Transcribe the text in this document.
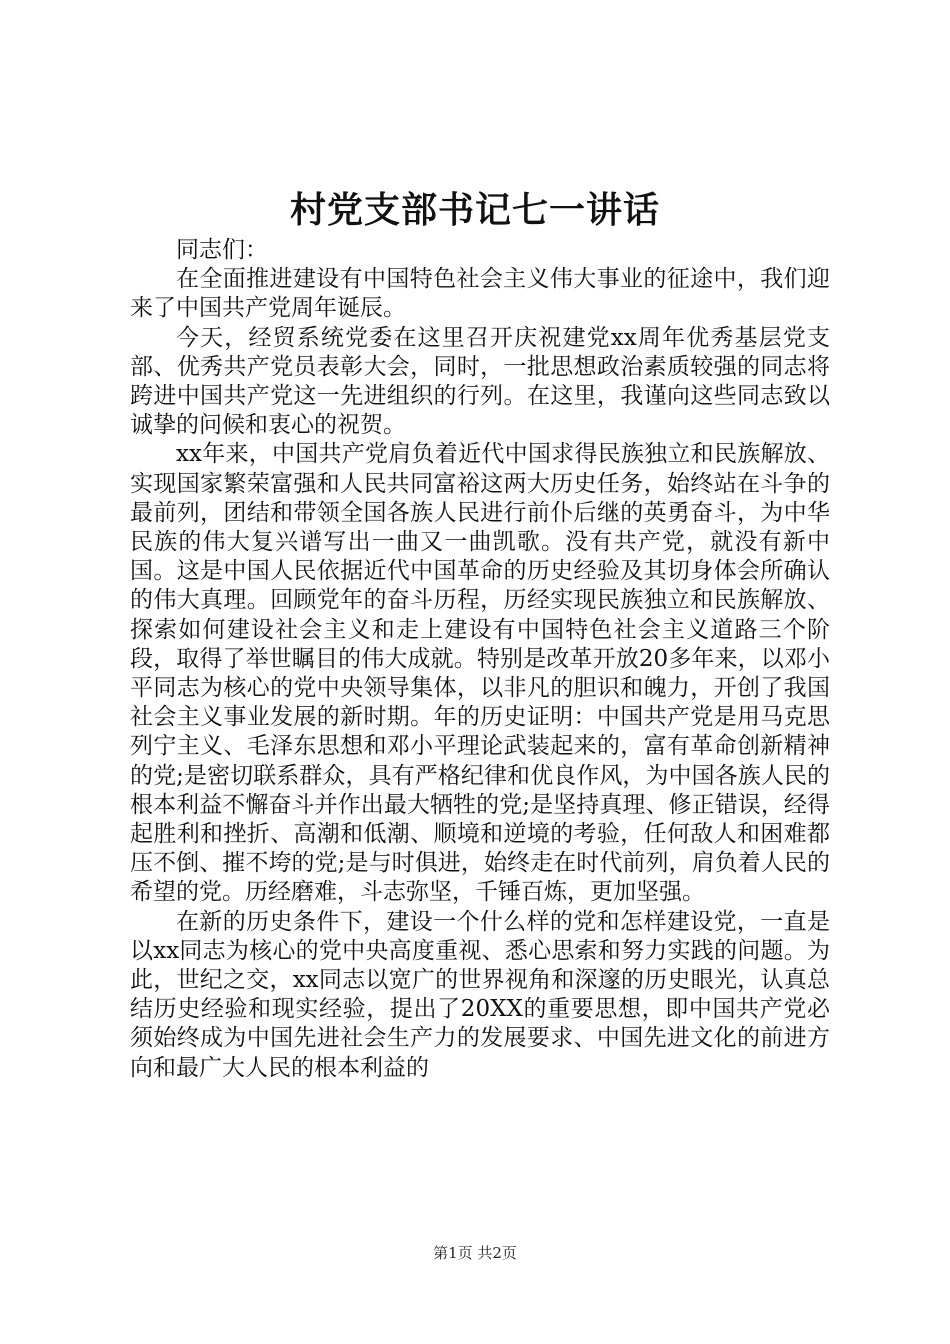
村党支部书记七一讲话

同志们：

在全面推进建设有中国特色社会主义伟大事业的征途中，我们迎来了中国共产党周年诞辰。

今天，经贸系统党委在这里召开庆祝建党xx周年优秀基层党支部、优秀共产党员表彰大会，同时，一批思想政治素质较强的同志将跨进中国共产党这一先进组织的行列。在这里，我谨向这些同志致以诚挚的问候和衷心的祝贺。

xx年来，中国共产党肩负着近代中国求得民族独立和民族解放、实现国家繁荣富强和人民共同富裕这两大历史任务，始终站在斗争的最前列，团结和带领全国各族人民进行前仆后继的英勇奋斗，为中华民族的伟大复兴谱写出一曲又一曲凯歌。没有共产党，就没有新中国。这是中国人民依据近代中国革命的历史经验及其切身体会所确认的伟大真理。回顾党年的奋斗历程，历经实现民族独立和民族解放、探索如何建设社会主义和走上建设有中国特色社会主义道路三个阶段，取得了举世瞩目的伟大成就。特别是改革开放20多年来，以邓小平同志为核心的党中央领导集体，以非凡的胆识和魄力，开创了我国社会主义事业发展的新时期。年的历史证明：中国共产党是用马克思列宁主义、毛泽东思想和邓小平理论武装起来的，富有革命创新精神的党;是密切联系群众，具有严格纪律和优良作风，为中国各族人民的根本利益不懈奋斗并作出最大牺牲的党;是坚持真理、修正错误，经得起胜利和挫折、高潮和低潮、顺境和逆境的考验，任何敌人和困难都压不倒、摧不垮的党;是与时俱进，始终走在时代前列，肩负着人民的希望的党。历经磨难，斗志弥坚，千锤百炼，更加坚强。

在新的历史条件下，建设一个什么样的党和怎样建设党，一直是以xx同志为核心的党中央高度重视、悉心思索和努力实践的问题。为此，世纪之交，xx同志以宽广的世界视角和深邃的历史眼光，认真总结历史经验和现实经验，提出了20XX的重要思想，即中国共产党必须始终成为中国先进社会生产力的发展要求、中国先进文化的前进方向和最广大人民的根本利益的

第1页 共2页
